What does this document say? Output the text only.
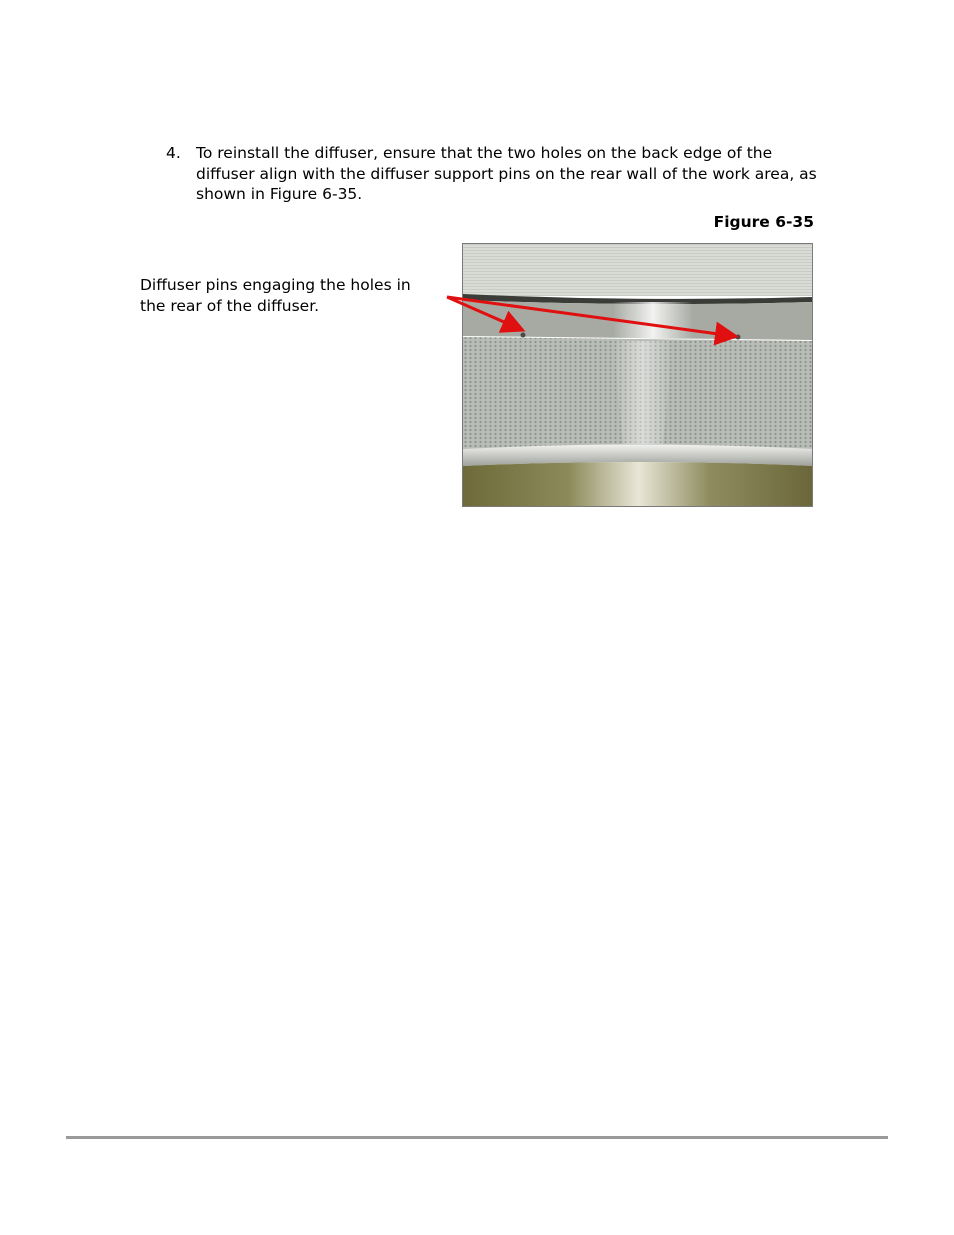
4. To reinstall the diffuser, ensure that the two holes on the back edge of the diffuser align with the diffuser support pins on the rear wall of the work area, as shown in Figure 6-35.
Figure 6-35
Diffuser pins engaging the holes in the rear of the diffuser.
